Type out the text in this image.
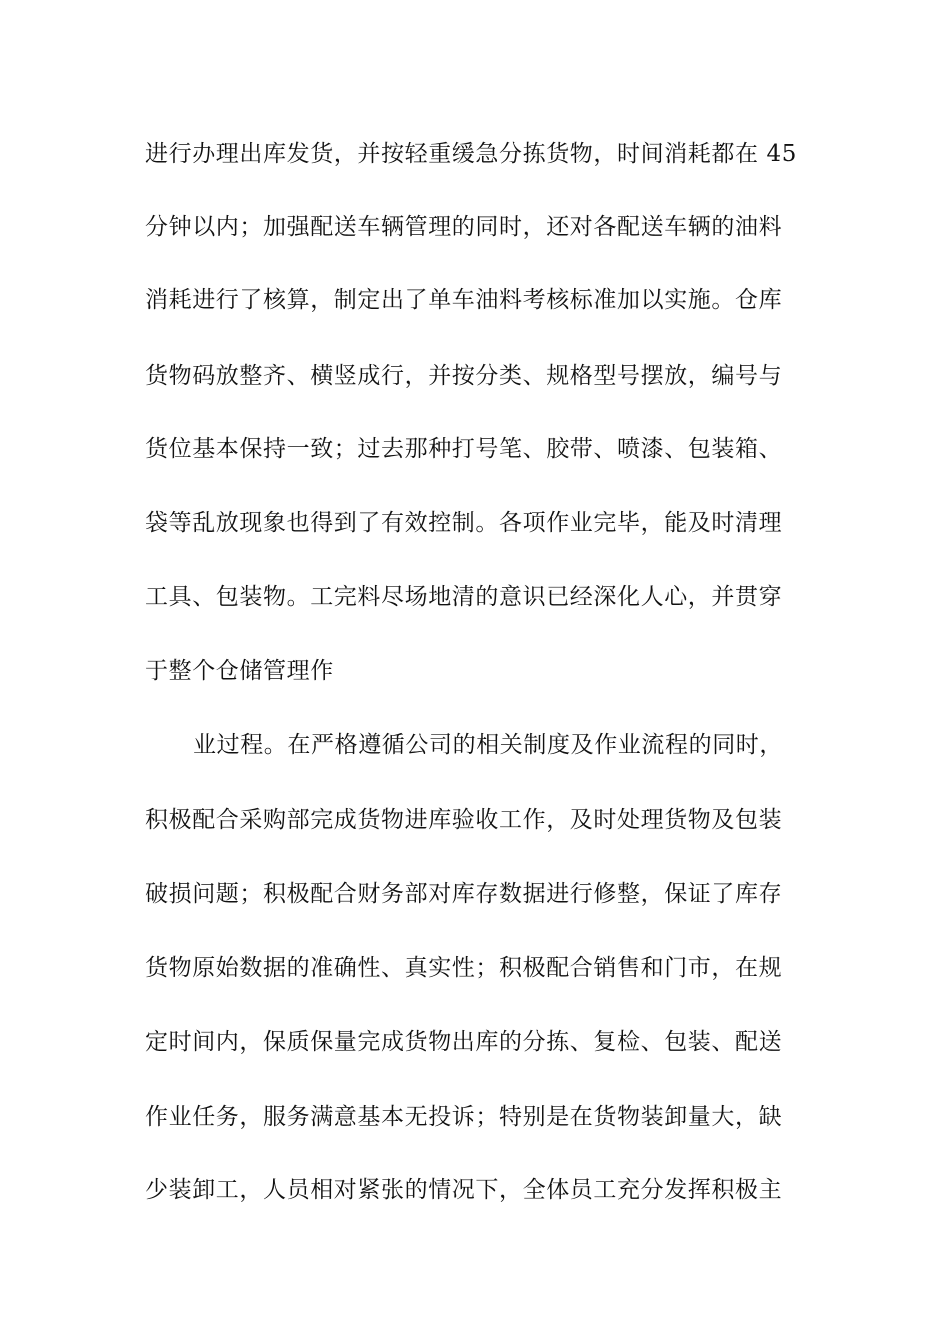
进行办理出库发货，并按轻重缓急分拣货物，时间消耗都在 45
分钟以内；加强配送车辆管理的同时，还对各配送车辆的油料
消耗进行了核算，制定出了单车油料考核标准加以实施。仓库
货物码放整齐、横竖成行，并按分类、规格型号摆放，编号与
货位基本保持一致；过去那种打号笔、胶带、喷漆、包装箱、
袋等乱放现象也得到了有效控制。各项作业完毕，能及时清理
工具、包装物。工完料尽场地清的意识已经深化人心，并贯穿
于整个仓储管理作
业过程。在严格遵循公司的相关制度及作业流程的同时，
积极配合采购部完成货物进库验收工作，及时处理货物及包装
破损问题；积极配合财务部对库存数据进行修整，保证了库存
货物原始数据的准确性、真实性；积极配合销售和门市，在规
定时间内，保质保量完成货物出库的分拣、复检、包装、配送
作业任务，服务满意基本无投诉；特别是在货物装卸量大，缺
少装卸工，人员相对紧张的情况下，全体员工充分发挥积极主
